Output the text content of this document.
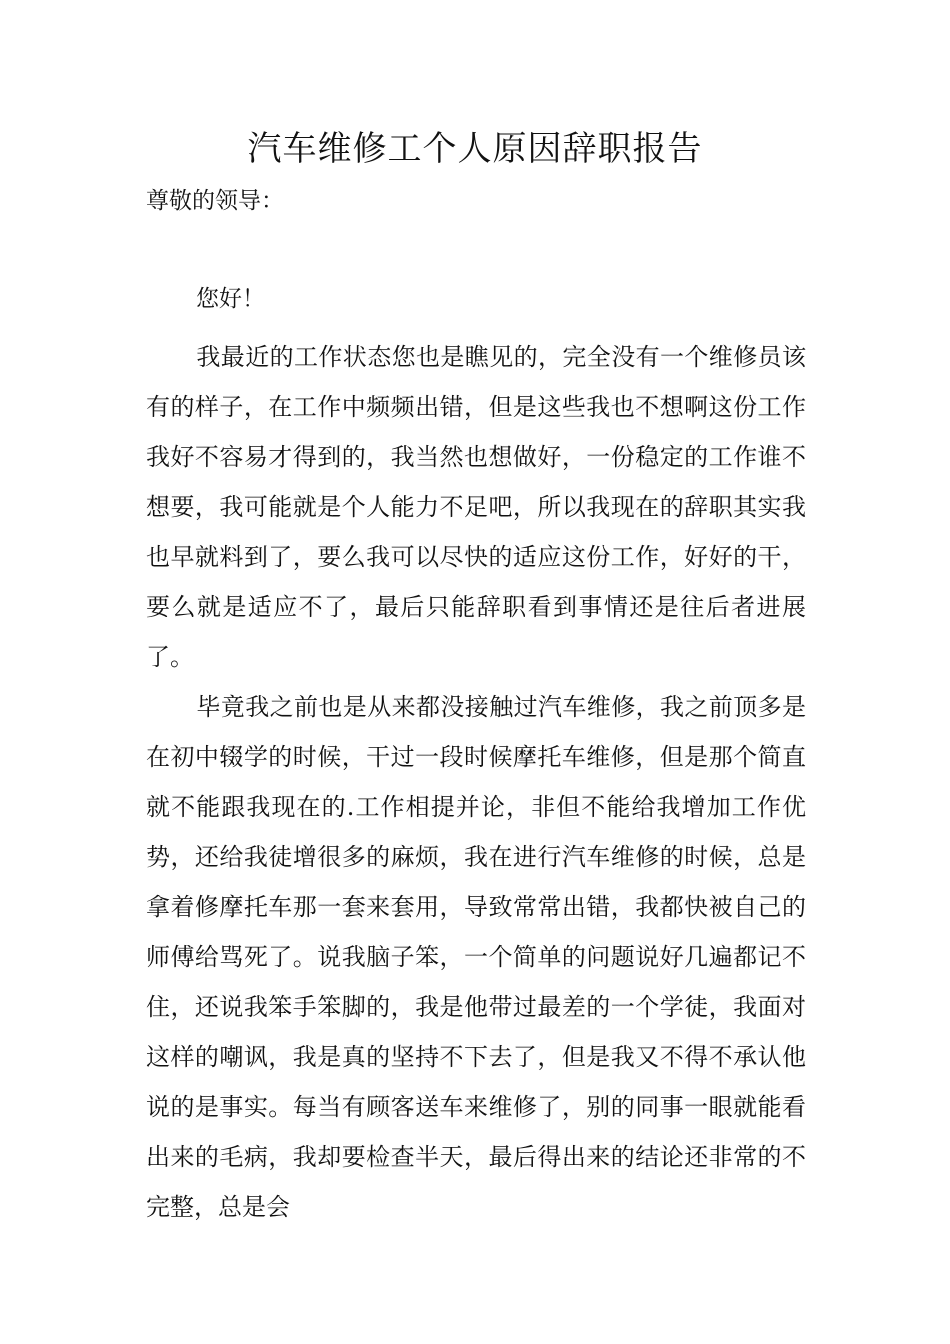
汽车维修工个人原因辞职报告

尊敬的领导：

您好！

我最近的工作状态您也是瞧见的，完全没有一个维修员该有的样子，在工作中频频出错，但是这些我也不想啊这份工作我好不容易才得到的，我当然也想做好，一份稳定的工作谁不想要，我可能就是个人能力不足吧，所以我现在的辞职其实我也早就料到了，要么我可以尽快的适应这份工作，好好的干，要么就是适应不了，最后只能辞职看到事情还是往后者进展了。

毕竟我之前也是从来都没接触过汽车维修，我之前顶多是在初中辍学的时候，干过一段时候摩托车维修，但是那个简直就不能跟我现在的.工作相提并论，非但不能给我增加工作优势，还给我徒增很多的麻烦，我在进行汽车维修的时候，总是拿着修摩托车那一套来套用，导致常常出错，我都快被自己的师傅给骂死了。说我脑子笨，一个简单的问题说好几遍都记不住，还说我笨手笨脚的，我是他带过最差的一个学徒，我面对这样的嘲讽，我是真的坚持不下去了，但是我又不得不承认他说的是事实。每当有顾客送车来维修了，别的同事一眼就能看出来的毛病，我却要检查半天，最后得出来的结论还非常的不完整，总是会
